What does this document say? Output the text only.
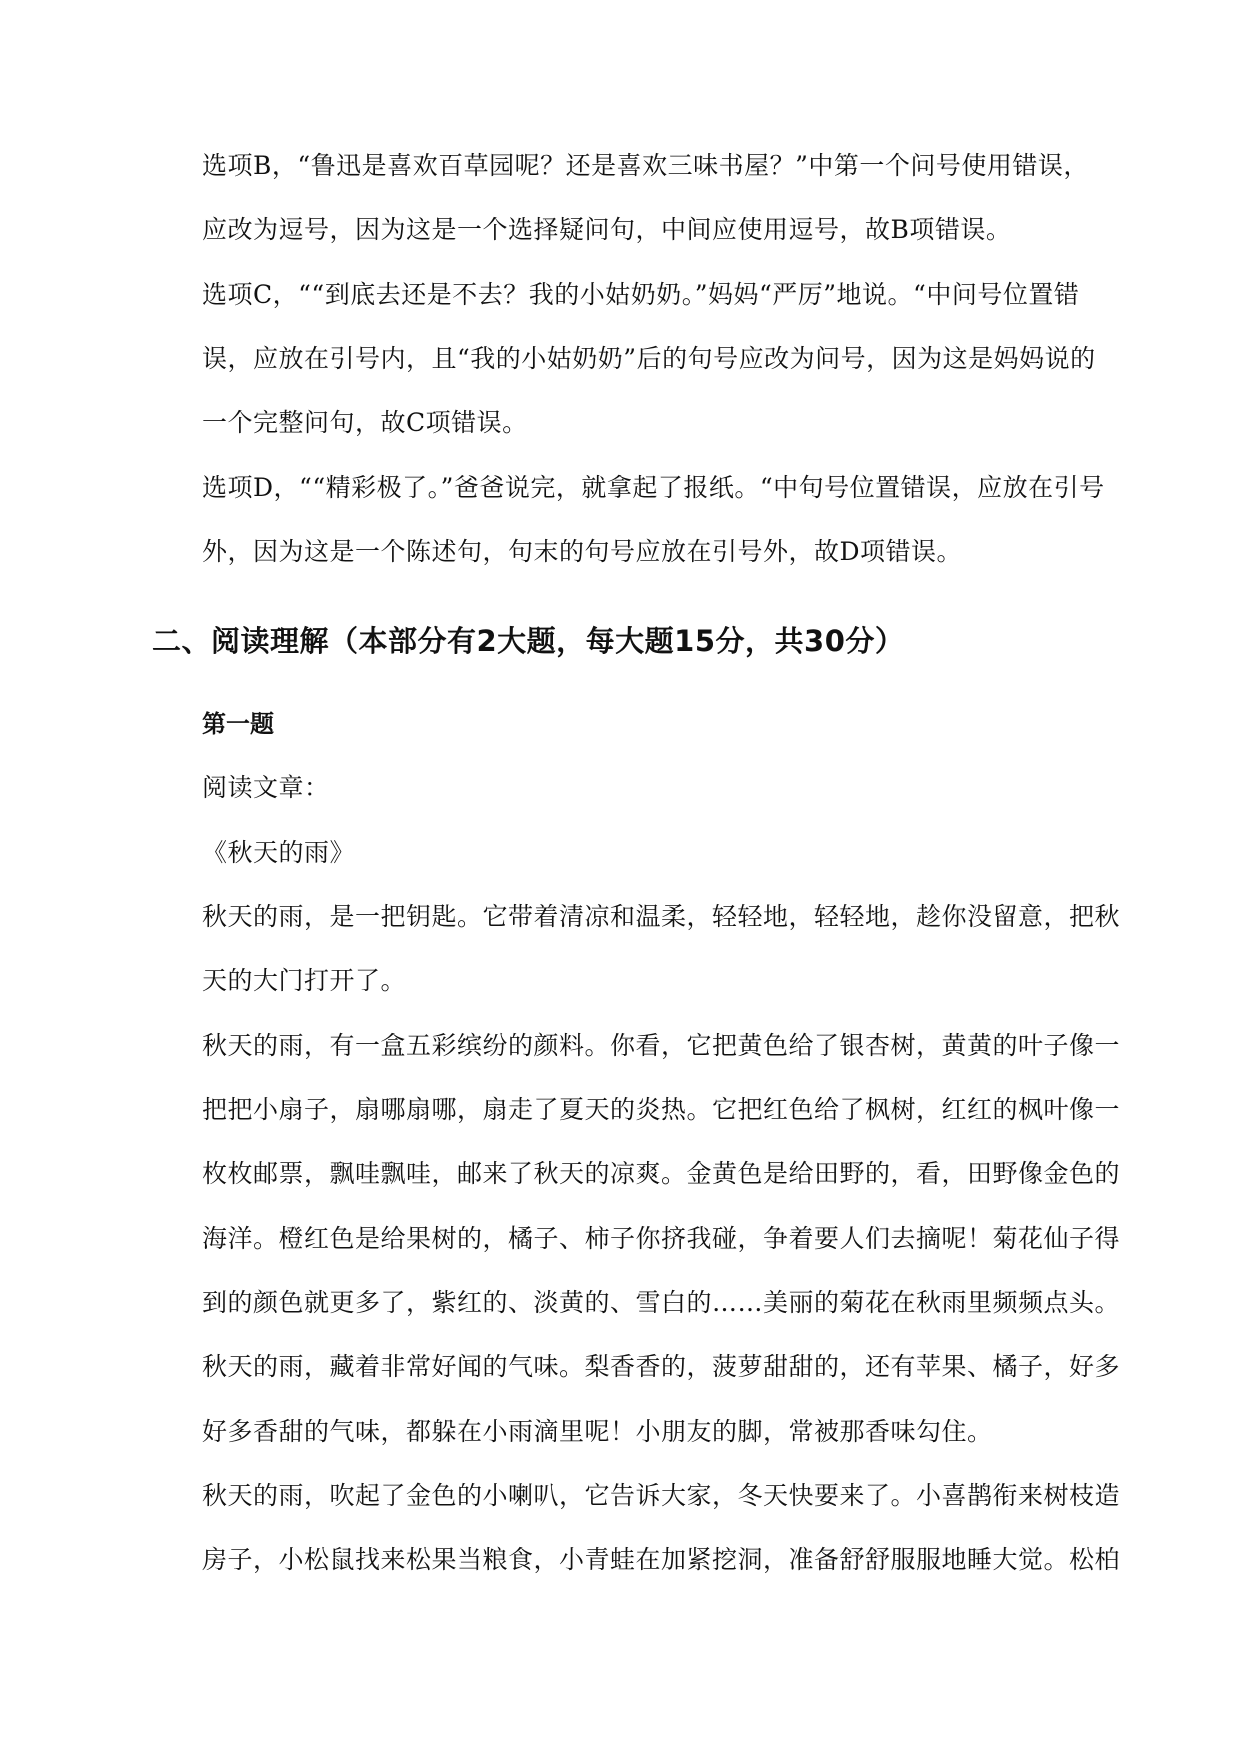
选项B，“鲁迅是喜欢百草园呢？还是喜欢三味书屋？”中第一个问号使用错误，
应改为逗号，因为这是一个选择疑问句，中间应使用逗号，故B项错误。
选项C，““到底去还是不去？我的小姑奶奶。”妈妈“严厉”地说。“中问号位置错
误，应放在引号内，且“我的小姑奶奶”后的句号应改为问号，因为这是妈妈说的
一个完整问句，故C项错误。
选项D，““精彩极了。”爸爸说完，就拿起了报纸。“中句号位置错误，应放在引号
外，因为这是一个陈述句，句末的句号应放在引号外，故D项错误。
二、阅读理解（本部分有2大题，每大题15分，共30分）
第一题
阅读文章：
《秋天的雨》
秋天的雨，是一把钥匙。它带着清凉和温柔，轻轻地，轻轻地，趁你没留意，把秋
天的大门打开了。
秋天的雨，有一盒五彩缤纷的颜料。你看，它把黄色给了银杏树，黄黄的叶子像一
把把小扇子，扇哪扇哪，扇走了夏天的炎热。它把红色给了枫树，红红的枫叶像一
枚枚邮票，飘哇飘哇，邮来了秋天的凉爽。金黄色是给田野的，看，田野像金色的
海洋。橙红色是给果树的，橘子、柿子你挤我碰，争着要人们去摘呢！菊花仙子得
到的颜色就更多了，紫红的、淡黄的、雪白的……美丽的菊花在秋雨里频频点头。
秋天的雨，藏着非常好闻的气味。梨香香的，菠萝甜甜的，还有苹果、橘子，好多
好多香甜的气味，都躲在小雨滴里呢！小朋友的脚，常被那香味勾住。
秋天的雨，吹起了金色的小喇叭，它告诉大家，冬天快要来了。小喜鹊衔来树枝造
房子，小松鼠找来松果当粮食，小青蛙在加紧挖洞，准备舒舒服服地睡大觉。松柏
